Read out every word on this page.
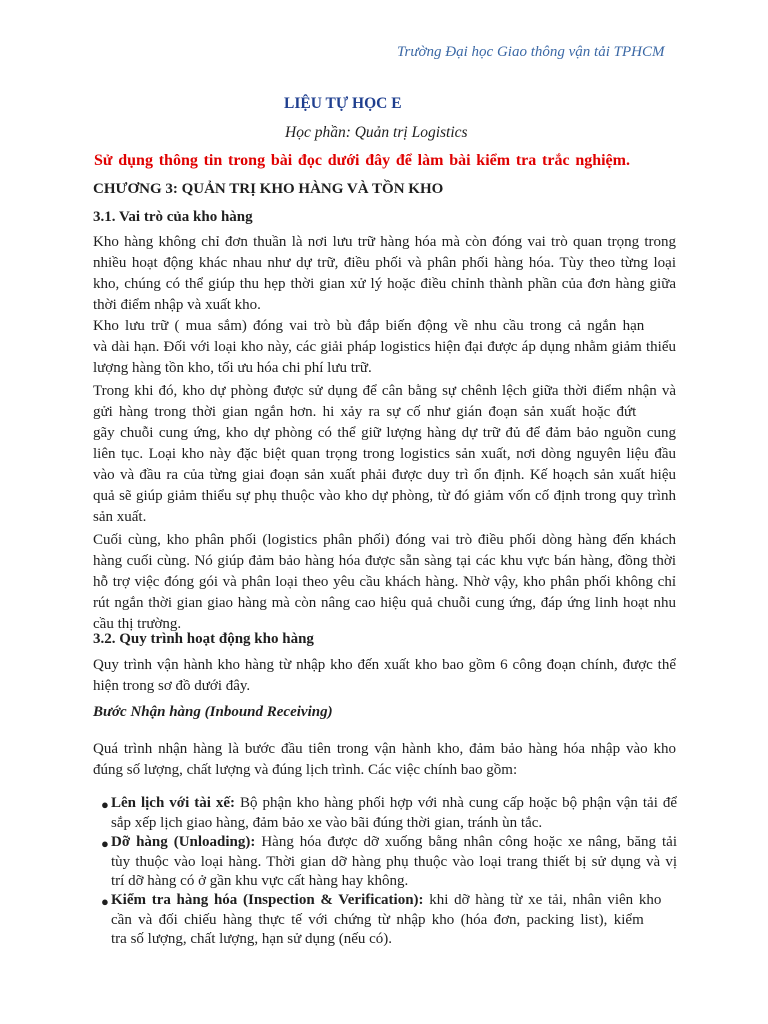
Trường Đại học Giao thông vận tải TPHCM
LIỆU TỰ HỌC E
Học phần: Quản trị Logistics
Sử dụng thông tin trong bài đọc dưới đây để làm bài kiểm tra trắc nghiệm.
CHƯƠNG 3: QUẢN TRỊ KHO HÀNG VÀ TỒN KHO
3.1. Vai trò của kho hàng
Kho hàng không chỉ đơn thuần là nơi lưu trữ hàng hóa mà còn đóng vai trò quan trọng trong
nhiều hoạt động khác nhau như dự trữ, điều phối và phân phối hàng hóa. Tùy theo từng loại
kho, chúng có thể giúp thu hẹp thời gian xử lý hoặc điều chỉnh thành phần của đơn hàng giữa
thời điểm nhập và xuất kho.
Kho lưu trữ ( mua sắm) đóng vai trò bù đắp biến động về nhu cầu trong cả ngắn hạn
và dài hạn. Đối với loại kho này, các giải pháp logistics hiện đại được áp dụng nhằm giảm thiểu
lượng hàng tồn kho, tối ưu hóa chi phí lưu trữ.
Trong khi đó, kho dự phòng được sử dụng để cân bằng sự chênh lệch giữa thời điểm nhận và
gửi hàng trong thời gian ngắn hơn. hi xảy ra sự cố như gián đoạn sản xuất hoặc đứt
gãy chuỗi cung ứng, kho dự phòng có thể giữ lượng hàng dự trữ đủ để đảm bảo nguồn cung
liên tục. Loại kho này đặc biệt quan trọng trong logistics sản xuất, nơi dòng nguyên liệu đầu
vào và đầu ra của từng giai đoạn sản xuất phải được duy trì ổn định. Kế hoạch sản xuất hiệu
quả sẽ giúp giảm thiểu sự phụ thuộc vào kho dự phòng, từ đó giảm vốn cố định trong quy trình
sản xuất.
Cuối cùng, kho phân phối (logistics phân phối) đóng vai trò điều phối dòng hàng đến khách
hàng cuối cùng. Nó giúp đảm bảo hàng hóa được sẵn sàng tại các khu vực bán hàng, đồng thời
hỗ trợ việc đóng gói và phân loại theo yêu cầu khách hàng. Nhờ vậy, kho phân phối không chỉ
rút ngắn thời gian giao hàng mà còn nâng cao hiệu quả chuỗi cung ứng, đáp ứng linh hoạt nhu
cầu thị trường.
3.2. Quy trình hoạt động kho hàng
Quy trình vận hành kho hàng từ nhập kho đến xuất kho bao gồm 6 công đoạn chính, được thể
hiện trong sơ đồ dưới đây.
Bước Nhận hàng (Inbound Receiving)
Quá trình nhận hàng là bước đầu tiên trong vận hành kho, đảm bảo hàng hóa nhập vào kho
đúng số lượng, chất lượng và đúng lịch trình. Các việc chính bao gồm:
● Lên lịch với tài xế: Bộ phận kho hàng phối hợp với nhà cung cấp hoặc bộ phận vận tải để
sắp xếp lịch giao hàng, đảm bảo xe vào bãi đúng thời gian, tránh ùn tắc.
● Dỡ hàng (Unloading): Hàng hóa được dỡ xuống bằng nhân công hoặc xe nâng, băng tải
tùy thuộc vào loại hàng. Thời gian dỡ hàng phụ thuộc vào loại trang thiết bị sử dụng và vị
trí dỡ hàng có ở gần khu vực cất hàng hay không.
● Kiểm tra hàng hóa (Inspection & Verification): khi dỡ hàng từ xe tải, nhân viên kho
cần và đối chiếu hàng thực tế với chứng từ nhập kho (hóa đơn, packing list), kiểm
tra số lượng, chất lượng, hạn sử dụng (nếu có).
